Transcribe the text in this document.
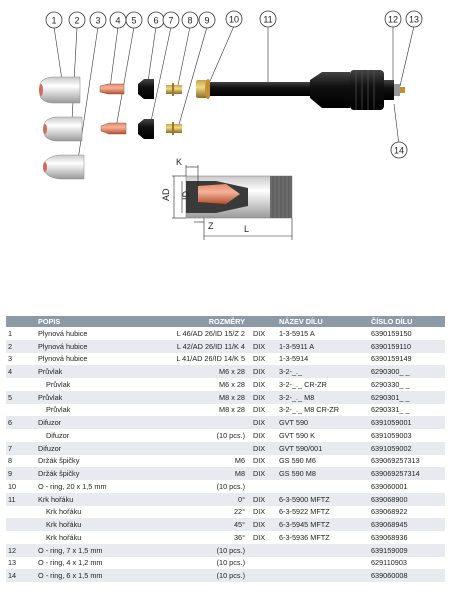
1 2 3 4 5 6 7 8 9 10	11	12 13
14
K
AD ID
Z	L
	POPIS	ROZMĚRY		NÁZEV DÍLU	ČÍSLO DÍLU
1	Plynová hubice	L 46/AD 26/ID 15/Z 2	DIX	1-3-5915 A	6390159150
2	Plynová hubice	L 42/AD 26/ID 11/K 4	DIX	1-3-5911 A	6390159110
3	Plynová hubice	L 41/AD 26/ID 14/K 5	DIX	1-3-5914	6390159149
4	Průvlak	M6 x 28	DIX	3-2-_._	6290300_ _
	Průvlak	M6 x 28	DIX	3-2-_._ CR-ZR	6290330_ _
5	Průvlak	M8 x 28	DIX	3-2-_._ M8	6290301_ _
	Průvlak	M8 x 28	DIX	3-2-_._ M8 CR-ZR	6290331_ _
6	Difuzor		DIX	GVT 590	6391059001
	Difuzor	(10 pcs.)	DIX	GVT 590 K	6391059003
7	Difuzor		DIX	GVT 590/001	6391059002
8	Držák špičky	M6	DIX	GS 590 M6	639069257313
9	Držák špičky	M8	DIX	GS 590 M8	639069257314
10	O - ring, 20 x 1,5 mm	(10 pcs.)			639060001
11	Krk hořáku	0°	DIX	6-3-5900 MFTZ	639068900
	Krk hořáku	22°	DIX	6-3-5922 MFTZ	639068922
	Krk hořáku	45°	DIX	6-3-5945 MFTZ	639068945
	Krk hořáku	36°	DIX	6-3-5936 MFTZ	639068936
12	O - ring, 7 x 1,5 mm	(10 pcs.)			639159009
13	O - ring, 4 x 1,2 mm	(10 pcs.)			629110903
14	O - ring, 6 x 1,5 mm	(10 pcs.)			639060008
